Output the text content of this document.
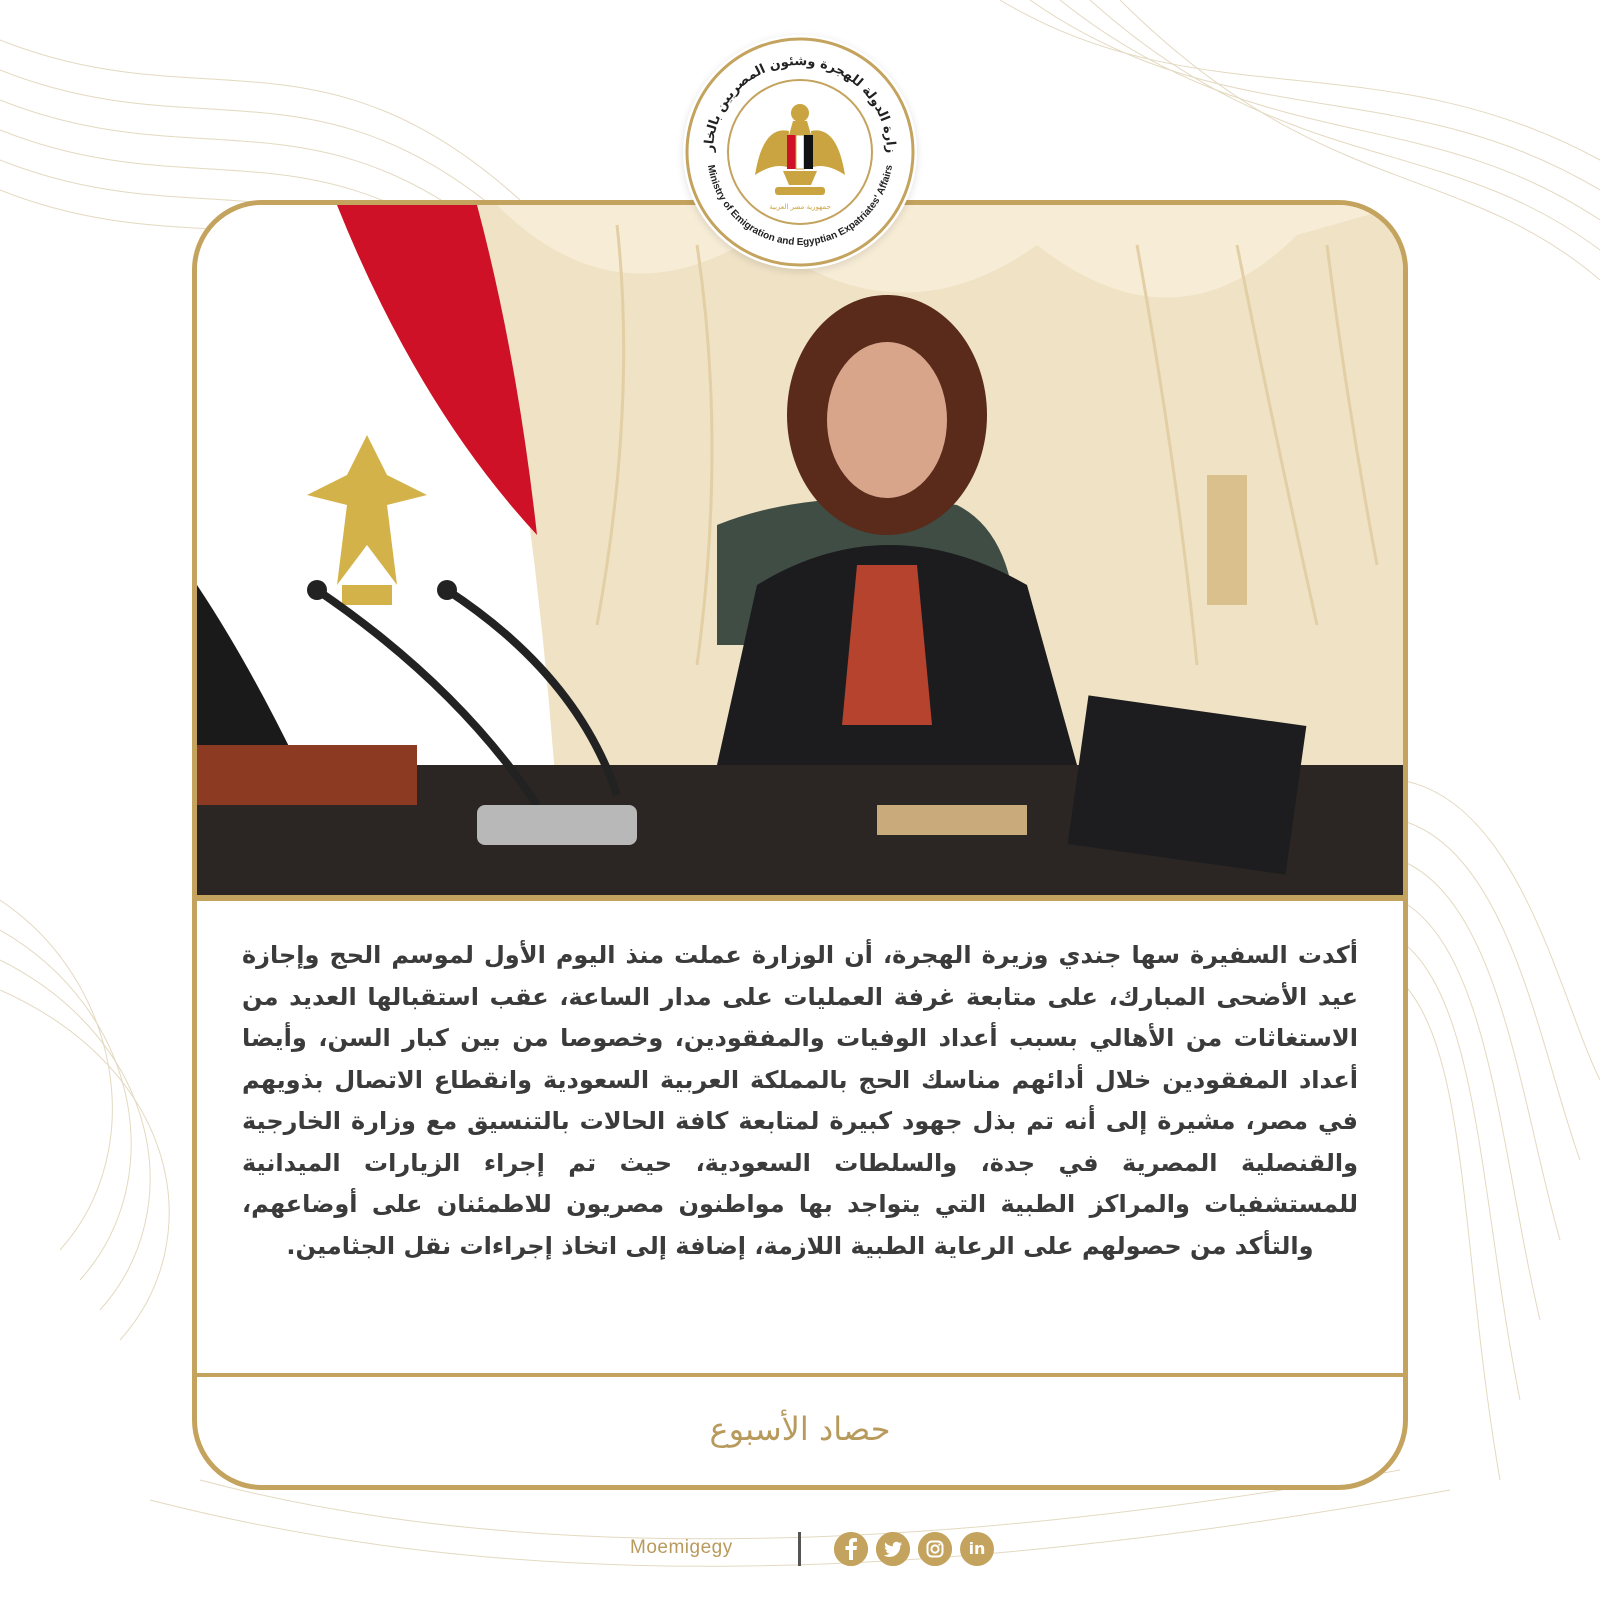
أكدت السفيرة سها جندي وزيرة الهجرة، أن الوزارة عملت منذ اليوم الأول لموسم الحج وإجازة عيد الأضحى المبارك، على متابعة غرفة العمليات على مدار الساعة، عقب استقبالها العديد من الاستغاثات من الأهالي بسبب أعداد الوفيات والمفقودين، وخصوصا من بين كبار السن، وأيضا أعداد المفقودين خلال أدائهم مناسك الحج بالمملكة العربية السعودية وانقطاع الاتصال بذويهم في مصر، مشيرة إلى أنه تم بذل جهود كبيرة لمتابعة كافة الحالات بالتنسيق مع وزارة الخارجية والقنصلية المصرية في جدة، والسلطات السعودية، حيث تم إجراء الزيارات الميدانية للمستشفيات والمراكز الطبية التي يتواجد بها مواطنون مصريون للاطمئنان على أوضاعهم، والتأكد من حصولهم على الرعاية الطبية اللازمة، إضافة إلى اتخاذ إجراءات نقل الجثامين.
حصاد الأسبوع
زارة الدولة للهجرة وشئون المصريين بالخار
Ministry of Emigration and Egyptian Expatriates' Affairs
جمهورية مصر العربية
Moemigegy	in
